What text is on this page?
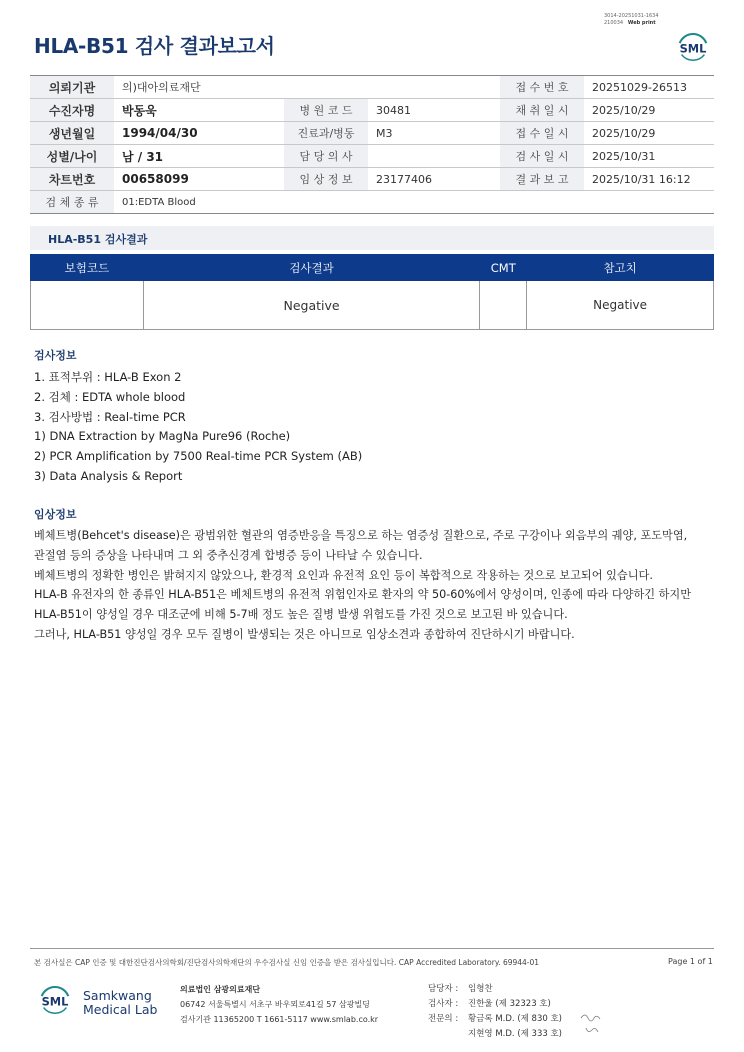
3014-20251031-1634
210034 Web print
HLA-B51 검사 결과보고서	SML
의뢰기관	의)대아의료재단			접 수 번 호	20251029-26513
수진자명	박동욱	병 원 코 드	30481	채 취 일 시	2025/10/29
생년월일	1994/04/30	진료과/병동	M3	접 수 일 시	2025/10/29
성별/나이	남 / 31	담 당 의 사		검 사 일 시	2025/10/31
차트번호	00658099	임 상 정 보	23177406	결 과 보 고	2025/10/31 16:12
검 체 종 류	01:EDTA Blood				
HLA-B51 검사결과
보험코드	검사결과	CMT	참고치
	Negative		Negative
검사정보
1. 표적부위 : HLA-B Exon 2
2. 검체 : EDTA whole blood
3. 검사방법 : Real-time PCR
1) DNA Extraction by MagNa Pure96 (Roche)
2) PCR Amplification by 7500 Real-time PCR System (AB)
3) Data Analysis & Report
임상정보
베체트병(Behcet's disease)은 광범위한 혈관의 염증반응을 특징으로 하는 염증성 질환으로, 주로 구강이나 외음부의 궤양, 포도막염,
관절염 등의 증상을 나타내며 그 외 중추신경계 합병증 등이 나타날 수 있습니다.
베체트병의 정확한 병인은 밝혀지지 않았으나, 환경적 요인과 유전적 요인 등이 복합적으로 작용하는 것으로 보고되어 있습니다.
HLA-B 유전자의 한 종류인 HLA-B51은 베체트병의 유전적 위험인자로 환자의 약 50-60%에서 양성이며, 인종에 따라 다양하긴 하지만
HLA-B51이 양성일 경우 대조군에 비해 5-7배 정도 높은 질병 발생 위험도를 가진 것으로 보고된 바 있습니다.
그러나, HLA-B51 양성일 경우 모두 질병이 발생되는 것은 아니므로 임상소견과 종합하여 진단하시기 바랍니다.
본 검사실은 CAP 인증 및 대한진단검사의학회/진단검사의학재단의 우수검사실 신임 인증을 받은 검사실입니다. CAP Accredited Laboratory. 69944-01	Page 1 of 1
SML Samkwang
Medical Lab
의료법인 삼광의료재단
06742 서울특별시 서초구 바우뫼로41길 57 삼광빌딩
검사기관 11365200 T 1661-5117 www.smlab.co.kr
담당자 :	임형찬
검사자 :	진한울 (제 32323 호)
전문의 :	황금록 M.D. (제 830 호)
지현영 M.D. (제 333 호)
